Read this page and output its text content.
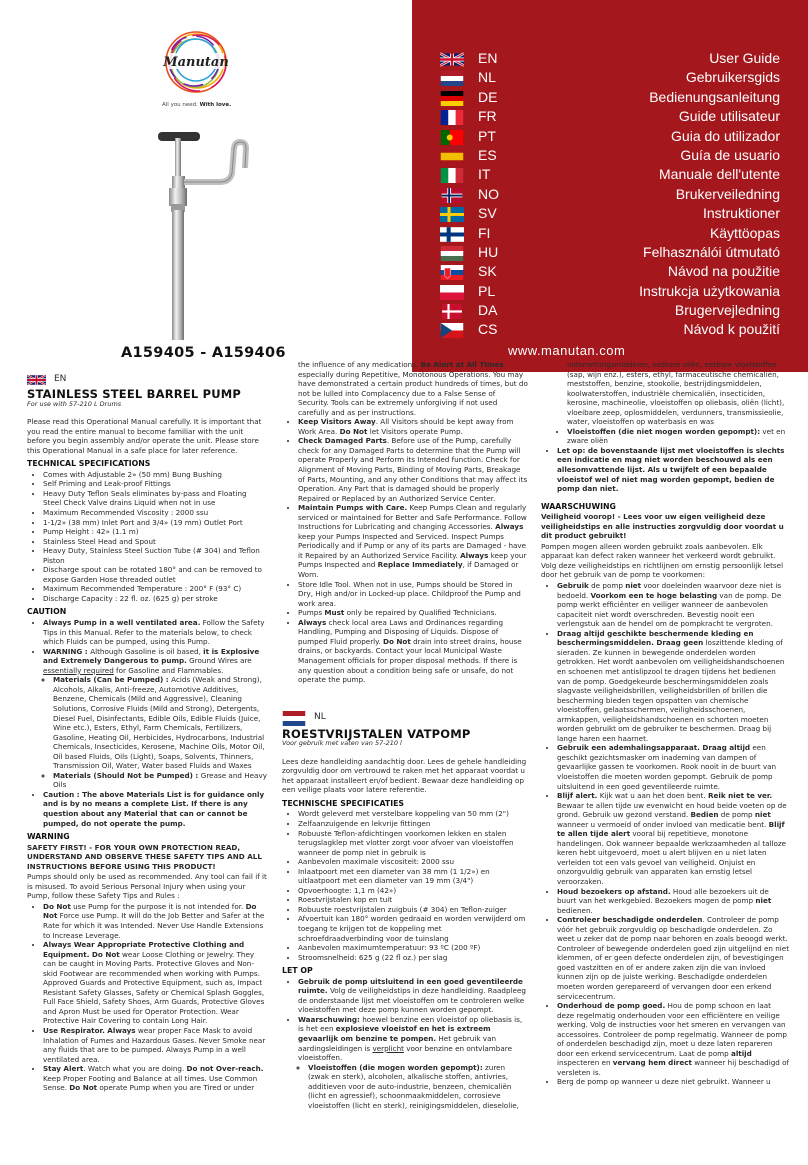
Manutan
All you need. With love.
A159405 - A159406
EN	User Guide
NL	Gebruikersgids
DE	Bedienungsanleitung
FR	Guide utilisateur
PT	Guia do utilizador
ES	Guía de usuario
IT	Manuale dell'utente
NO	Brukerveiledning
SV	Instruktioner
FI	Käyttöopas
HU	Felhasználói útmutató
SK	Návod na použitie
PL	Instrukcja użytkowania
DA	Brugervejledning
CS	Návod k použití
www.manutan.com
EN
STAINLESS STEEL BARREL PUMP
For use with 57-210 L Drums

Please read this Operational Manual carefully. It is important that you read the entire manual to become familiar with the unit before you begin assembly and/or operate the unit. Please store this Operational Manual in a safe place for later reference.

TECHNICAL SPECIFICATIONS
• Comes with Adjustable 2» (50 mm) Bung Bushing
• Self Priming and Leak-proof Fittings
• Heavy Duty Teflon Seals eliminates by-pass and Floating Steel Check Valve drains Liquid when not in use
• Maximum Recommended Viscosity : 2000 ssu
• 1-1/2» (38 mm) Inlet Port and 3/4» (19 mm) Outlet Port
• Pump Height : 42» (1.1 m)
• Stainless Steel Head and Spout
• Heavy Duty, Stainless Steel Suction Tube (# 304) and Teflon Piston
• Discharge spout can be rotated 180° and can be removed to expose Garden Hose threaded outlet
• Maximum Recommended Temperature : 200° F (93° C)
• Discharge Capacity : 22 fl. oz. (625 g) per stroke
CAUTION
• Always Pump in a well ventilated area. Follow the Safety Tips in this Manual. Refer to the materials below, to check which Fluids can be pumped, using this Pump.
• WARNING : Although Gasoline is oil based, it is Explosive and Extremely Dangerous to pump. Ground Wires are essentially required for Gasoline and Flammables.
◦ Materials (Can be Pumped) : Acids (Weak and Strong), Alcohols, Alkalis, Anti-freeze, Automotive Additives, Benzene, Chemicals (Mild and Aggressive), Cleaning Solutions, Corrosive Fluids (Mild and Strong), Detergents, Diesel Fuel, Disinfectants, Edible Oils, Edible Fluids (Juice, Wine etc.), Esters, Ethyl, Farm Chemicals, Fertilizers, Gasoline, Heating Oil, Herbicides, Hydrocarbons, Industrial Chemicals, Insecticides, Kerosene, Machine Oils, Motor Oil, Oil based Fluids, Oils (Light), Soaps, Solvents, Thinners, Transmission Oil, Water, Water based Fluids and Waxes
◦ Materials (Should Not be Pumped) : Grease and Heavy Oils
• Caution : The above Materials List is for guidance only and is by no means a complete List. If there is any question about any Material that can or cannot be pumped, do not operate the pump.
WARNING

SAFETY FIRST! - FOR YOUR OWN PROTECTION READ, UNDERSTAND AND OBSERVE THESE SAFETY TIPS AND ALL INSTRUCTIONS BEFORE USING THIS PRODUCT!

Pumps should only be used as recommended. Any tool can fail if it is misused. To avoid Serious Personal Injury when using your Pump, follow these Safety Tips and Rules :

• Do Not use Pump for the purpose it is not intended for. Do Not Force use Pump. It will do the Job Better and Safer at the Rate for which it was Intended. Never Use Handle Extensions to Increase Leverage.
• Always Wear Appropriate Protective Clothing and Equipment. Do Not wear Loose Clothing or Jewelry. They can be caught in Moving Parts. Protective Gloves and Non-skid Footwear are recommended when working with Pumps. Approved Guards and Protective Equipment, such as, Impact Resistant Safety Glasses, Safety or Chemical Splash Goggles, Full Face Shield, Safety Shoes, Arm Guards, Protective Gloves and Apron Must be used for Operator Protection. Wear Protective Hair Covering to contain Long Hair.
• Use Respirator. Always wear proper Face Mask to avoid Inhalation of Fumes and Hazardous Gases. Never Smoke near any fluids that are to be pumped. Always Pump in a well ventilated area.
• Stay Alert. Watch what you are doing. Do not Over-reach. Keep Proper Footing and Balance at all times. Use Common Sense. Do Not operate Pump when you are Tired or under
the influence of any medications. Be Alert at All Times especially during Repetitive, Monotonous Operations. You may have demonstrated a certain product hundreds of times, but do not be lulled into Complacency due to a False Sense of Security. Tools can be extremely unforgiving if not used carefully and as per instructions.
• Keep Visitors Away. All Visitors should be kept away from Work Area. Do Not let Visitors operate Pump.
• Check Damaged Parts. Before use of the Pump, carefully check for any Damaged Parts to determine that the Pump will operate Properly and Perform its Intended function. Check for Alignment of Moving Parts, Binding of Moving Parts, Breakage of Parts, Mounting, and any other Conditions that may affect its Operation. Any Part that is damaged should be properly Repaired or Replaced by an Authorized Service Center.
• Maintain Pumps with Care. Keep Pumps Clean and regularly serviced or maintained for Better and Safe Performance. Follow Instructions for Lubricating and changing Accessories. Always keep your Pumps Inspected and Serviced. Inspect Pumps Periodically and if Pump or any of its parts are Damaged - have it Repaired by an Authorized Service Facility. Always keep your Pumps Inspected and Replace Immediately, if Damaged or Worn.
• Store Idle Tool. When not in use, Pumps should be Stored in Dry, High and/or in Locked-up place. Childproof the Pump and work area.
• Pumps Must only be repaired by Qualified Technicians.
• Always check local area Laws and Ordinances regarding Handling, Pumping and Disposing of Liquids. Dispose of pumped Fluid properly. Do Not drain into street drains, house drains, or backyards. Contact your local Municipal Waste Management officials for proper disposal methods. If there is any question about a condition being safe or unsafe, do not operate the pump.
NL
ROESTVRIJSTALEN VATPOMP
Voor gebruik met vaten van 57-210 l

Lees deze handleiding aandachtig door. Lees de gehele handleiding zorgvuldig door om vertrouwd te raken met het apparaat voordat u het apparaat installeert en/of bedient. Bewaar deze handleiding op een veilige plaats voor latere referentie.

TECHNISCHE SPECIFICATIES
• Wordt geleverd met verstelbare koppeling van 50 mm (2")
• Zelfaanzuigende en lekvrije fittingen
• Robuuste Teflon-afdichtingen voorkomen lekken en stalen terugslagklep met vlotter zorgt voor afvoer van vloeistoffen wanneer de pomp niet in gebruik is
• Aanbevolen maximale viscositeit: 2000 ssu
• Inlaatpoort met een diameter van 38 mm (1 1/2») en uitlaatpoort met een diameter van 19 mm (3/4")
• Opvoerhoogte: 1,1 m (42»)
• Roestvrijstalen kop en tuit
• Robuuste roestvrijstalen zuigbuis (# 304) en Teflon-zuiger
• Afvoertuit kan 180° worden gedraaid en worden verwijderd om toegang te krijgen tot de koppeling met schroefdraadverbinding voor de tuinslang
• Aanbevolen maximumtemperatuur: 93 ºC (200 ºF)
• Stroomsnelheid: 625 g (22 fl oz.) per slag
LET OP
• Gebruik de pomp uitsluitend in een goed geventileerde ruimte. Volg de veiligheidstips in deze handleiding. Raadpleeg de onderstaande lijst met vloeistoffen om te controleren welke vloeistoffen met deze pomp kunnen worden gepompt.
• Waarschuwing: hoewel benzine een vloeistof op oliebasis is, is het een explosieve vloeistof en het is extreem gevaarlijk om benzine te pompen. Het gebruik van aardingsleidingen is verplicht voor benzine en ontvlambare vloeistoffen.
◦ Vloeistoffen (die mogen worden gepompt): zuren (zwak en sterk), alcoholen, alkalische stoffen, antivries, additieven voor de auto-industrie, benzeen, chemicaliën (licht en agressief), schoonmaakmiddelen, corrosieve vloeistoffen (licht en sterk), reinigingsmiddelen, dieselolie,
ontsmettingsmiddelen, eetbare oliën, eetbare vloeistoffen (sap, wijn enz.), esters, ethyl, farmaceutische chemicaliën, meststoffen, benzine, stookolie, bestrijdingsmiddelen, koolwaterstoffen, industriële chemicaliën, insecticiden, kerosine, machineolie, vloeistoffen op oliebasis, oliën (licht), vloeibare zeep, oplosmiddelen, verdunners, transmissieolie, water, vloeistoffen op waterbasis en was
• Vloeistoffen (die niet mogen worden gepompt): vet en zware oliën
• Let op: de bovenstaande lijst met vloeistoffen is slechts een indicatie en mag niet worden beschouwd als een allesomvattende lijst. Als u twijfelt of een bepaalde vloeistof wel of niet mag worden gepompt, bedien de pomp dan niet.
WAARSCHUWING

Veiligheid voorop! - Lees voor uw eigen veiligheid deze veiligheidstips en alle instructies zorgvuldig door voordat u dit product gebruikt!

Pompen mogen alleen worden gebruikt zoals aanbevolen. Elk apparaat kan defect raken wanneer het verkeerd wordt gebruikt. Volg deze veiligheidstips en richtlijnen om ernstig persoonlijk letsel door het gebruik van de pomp te voorkomen:

• Gebruik de pomp niet voor doeleinden waarvoor deze niet is bedoeld. Voorkom een te hoge belasting van de pomp. De pomp werkt efficiënter en veiliger wanneer de aanbevolen capaciteit niet wordt overschreden. Bevestig nooit een verlengstuk aan de hendel om de pompkracht te vergroten.
• Draag altijd geschikte beschermende kleding en beschermingsmiddelen. Draag geen loszittende kleding of sieraden. Ze kunnen in bewegende onderdelen worden getrokken. Het wordt aanbevolen om veiligheidshandschoenen en schoenen met antislipzool te dragen tijdens het bedienen van de pomp. Goedgekeurde beschermingsmiddelen zoals slagvaste veiligheidsbrillen, veiligheidsbrillen of brillen die bescherming bieden tegen opspatten van chemische vloeistoffen, gelaatsschermen, veiligheidsschoenen, armkappen, veiligheidshandschoenen en schorten moeten worden gebruikt om de gebruiker te beschermen. Draag bij lange haren een haarnet.
• Gebruik een ademhalingsapparaat. Draag altijd een geschikt gezichtsmasker om inademing van dampen of gevaarlijke gassen te voorkomen. Rook nooit in de buurt van vloeistoffen die moeten worden gepompt. Gebruik de pomp uitsluitend in een goed geventileerde ruimte.
• Blijf alert. Kijk wat u aan het doen bent. Reik niet te ver. Bewaar te allen tijde uw evenwicht en houd beide voeten op de grond. Gebruik uw gezond verstand. Bedien de pomp niet wanneer u vermoeid of onder invloed van medicatie bent. Blijf te allen tijde alert vooral bij repetitieve, monotone handelingen. Ook wanneer bepaalde werkzaamheden al talloze keren hebt uitgevoerd, moet u alert blijven en u niet laten verleiden tot een vals gevoel van veiligheid. Onjuist en onzorgvuldig gebruik van apparaten kan ernstig letsel veroorzaken.
• Houd bezoekers op afstand. Houd alle bezoekers uit de buurt van het werkgebied. Bezoekers mogen de pomp niet bedienen.
• Controleer beschadigde onderdelen. Controleer de pomp vóór het gebruik zorgvuldig op beschadigde onderdelen. Zo weet u zeker dat de pomp naar behoren en zoals beoogd werkt. Controleer of bewegende onderdelen goed zijn uitgelijnd en niet klemmen, of er geen defecte onderdelen zijn, of bevestigingen goed vastzitten en of er andere zaken zijn die van invloed kunnen zijn op de juiste werking. Beschadigde onderdelen moeten worden gerepareerd of vervangen door een erkend servicecentrum.
• Onderhoud de pomp goed. Hou de pomp schoon en laat deze regelmatig onderhouden voor een efficiëntere en veilige werking. Volg de instructies voor het smeren en vervangen van accessoires. Controleer de pomp regelmatig. Wanneer de pomp of onderdelen beschadigd zijn, moet u deze laten repareren door een erkend servicecentrum. Laat de pomp altijd inspecteren en vervang hem direct wanneer hij beschadigd of versleten is.
• Berg de pomp op wanneer u deze niet gebruikt. Wanneer u
